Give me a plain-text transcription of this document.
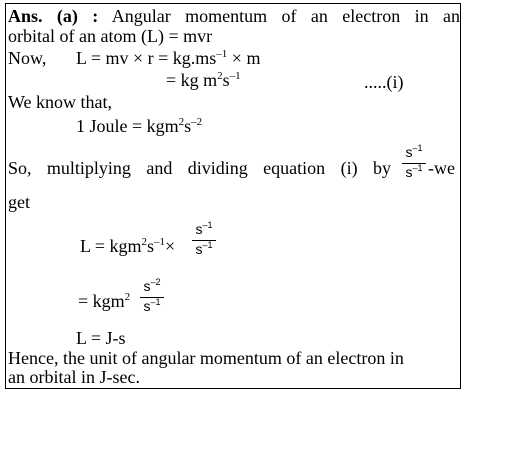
Ans. (a) : Angular momentum of an electron in an
orbital of an atom (L) = mvr
Now, L = mv × $r = kg.ms^{-1} \times m$
= kg $m^2s^{-1}$	.....(i)
We know that,
1 Joule = $kgm^2s^{-2}$
So, multiplying and dividing equation (i) by
$s^{-1}$
$s^{-1}$ -we
get
$L = kgm^2s^{-1}\times$
$s^{-1}$
$s^{-1}$
= kgm$^2$
$s^{-2}$
$s^{-1}$
L = J-s
Hence, the unit of angular momentum of an electron in
an orbital in J-sec.
